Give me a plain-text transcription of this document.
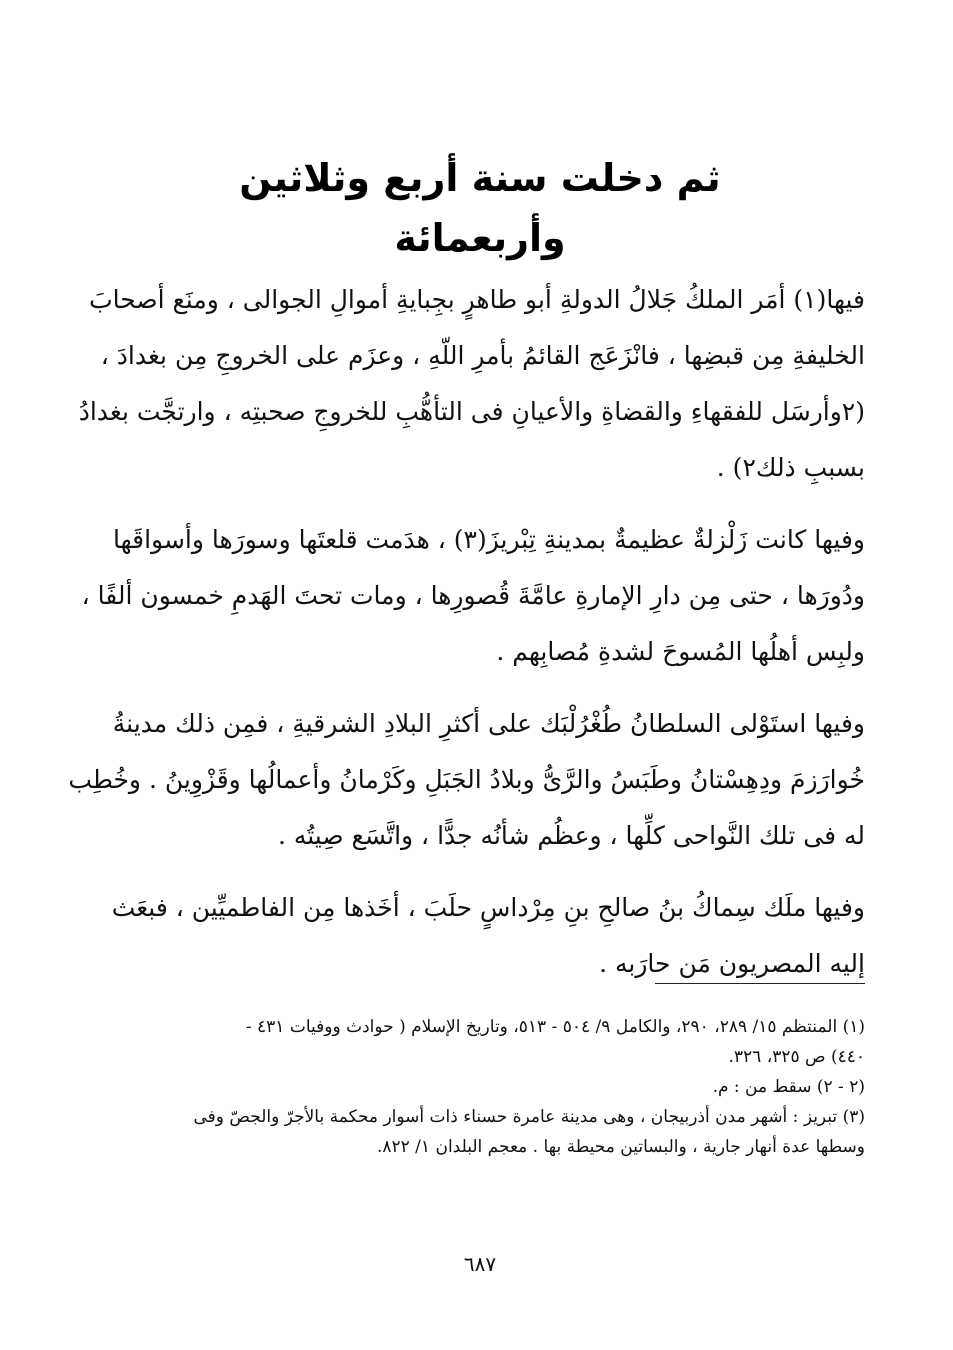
ثم دخلت سنة أربع وثلاثين وأربعمائة

فيها(١) أمَر الملكُ جَلالُ الدولةِ أبو طاهرٍ بجِبايةِ أموالِ الجوالى ، ومنَع أصحابَ
الخليفةِ مِن قبضِها ، فانْزَعَج القائمُ بأمرِ اللّهِ ، وعزَم على الخروجِ مِن بغدادَ ،
(٢وأرسَل للفقهاءِ والقضاةِ والأعيانِ فى التأهُّبِ للخروجِ صحبتِه ، وارتجَّت بغدادُ
بسببِ ذلك٢) .

وفيها كانت زَلْزلةٌ عظيمةٌ بمدينةِ تِبْريزَ(٣) ، هدَمت قلعتَها وسورَها وأسواقَها
ودُورَها ، حتى مِن دارِ الإمارةِ عامَّةَ قُصورِها ، ومات تحتَ الهَدمِ خمسون ألفًا ،
ولبِس أهلُها المُسوحَ لشدةِ مُصابِهم .

وفيها استَوْلى السلطانُ طُغْرُلْبَك على أكثرِ البلادِ الشرقيةِ ، فمِن ذلك مدينةُ
خُوارَزمَ ودِهِسْتانُ وطَبَسُ والرَّىُّ وبلادُ الجَبَلِ وكَرْمانُ وأعمالُها وقَزْوِينُ . وخُطِب
له فى تلك النَّواحى كلِّها ، وعظُم شأنُه جدًّا ، واتَّسَع صِيتُه .

وفيها ملَك سِماكُ بنُ صالحِ بنِ مِرْداسٍ حلَبَ ، أخَذها مِن الفاطميِّين ، فبعَث
إليه المصريون مَن حارَبه .

(١) المنتظم ١٥/ ٢٨٩، ٢٩٠، والكامل ٩/ ٥٠٤ - ٥١٣، وتاريخ الإسلام ( حوادث ووفيات ٤٣١ -
٤٤٠) ص ٣٢٥، ٣٢٦.
(٢ - ٢) سقط من : م.
(٣) تبريز : أشهر مدن أذربيجان ، وهى مدينة عامرة حسناء ذات أسوار محكمة بالأجرّ والجصّ وفى
وسطها عدة أنهار جارية ، والبساتين محيطة بها . معجم البلدان ١/ ٨٢٢.
٦٨٧
